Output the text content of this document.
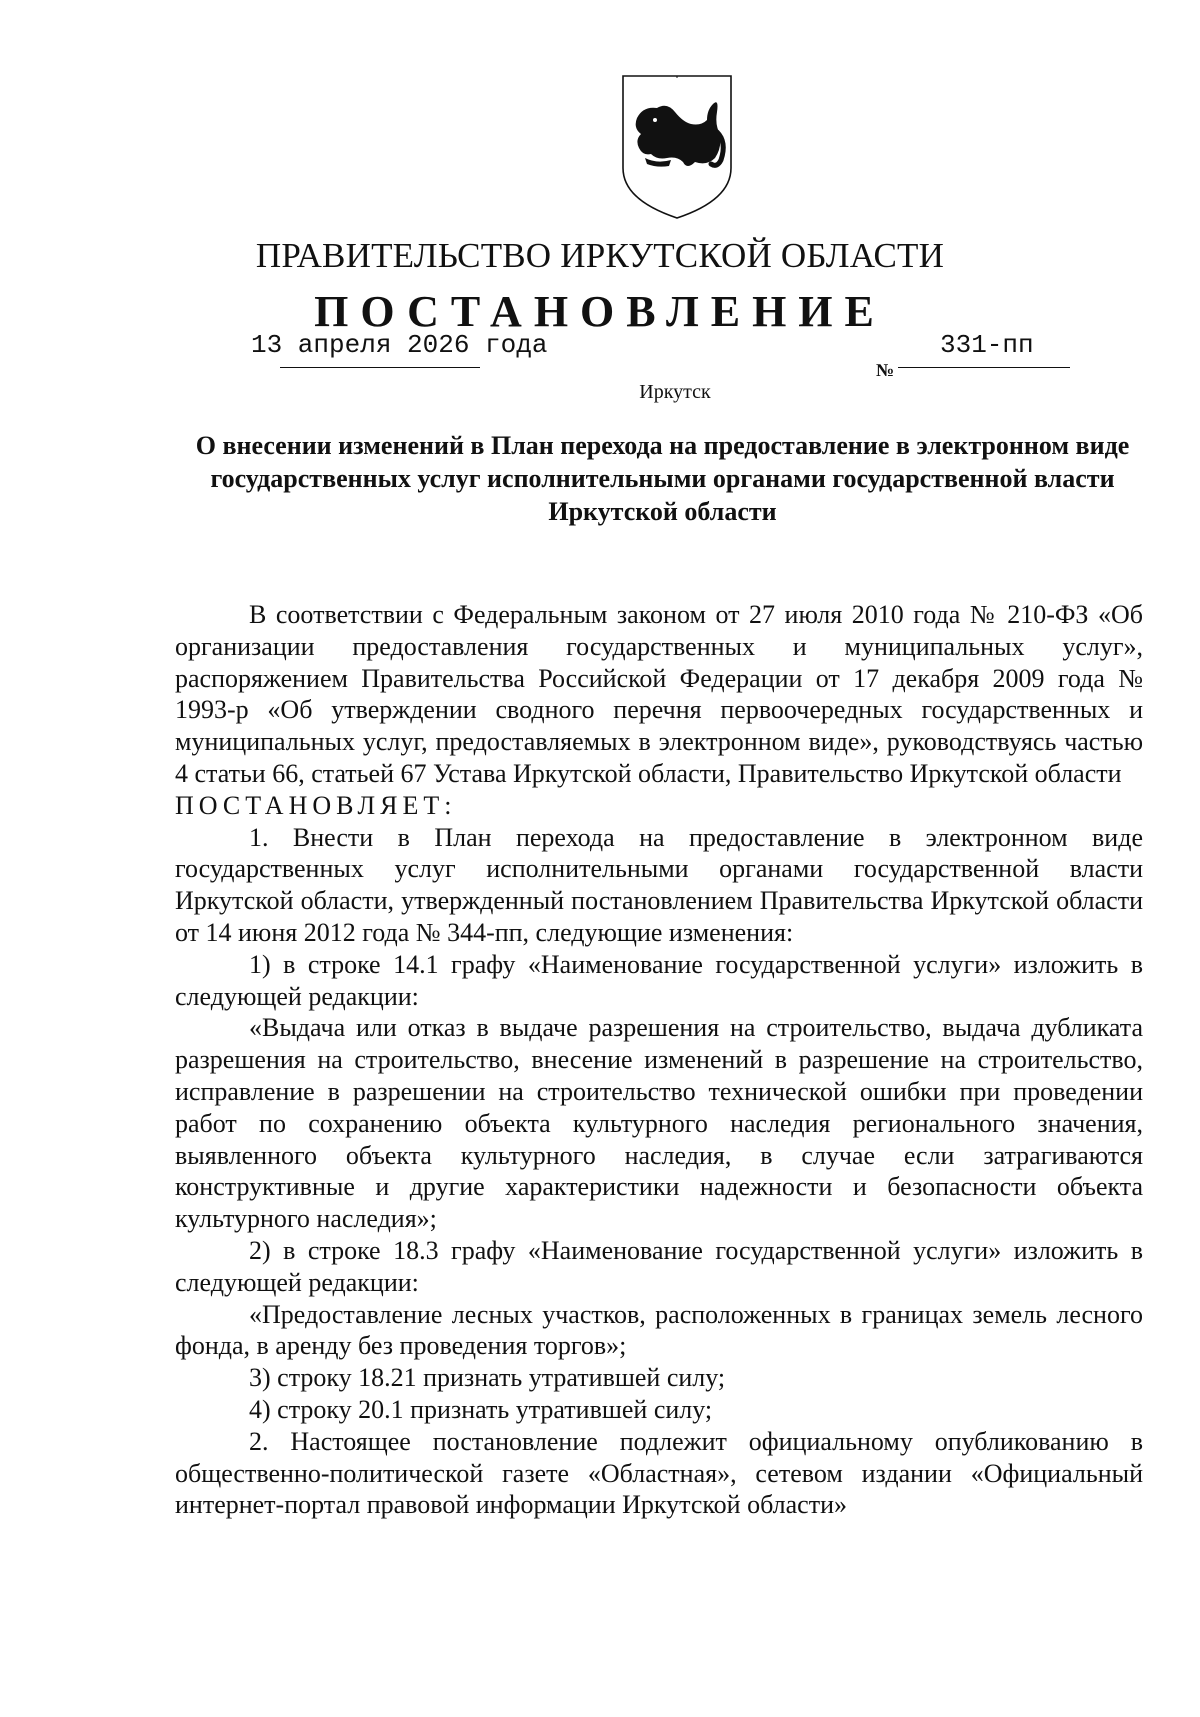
ПРАВИТЕЛЬСТВО ИРКУТСКОЙ ОБЛАСТИ
ПОСТАНОВЛЕНИЕ
13 апреля 2026 года
№
331-пп
Иркутск
О внесении изменений в План перехода на предоставление в электронном виде государственных услуг исполнительными органами государственной власти Иркутской области

В соответствии с Федеральным законом от 27 июля 2010 года № 210-ФЗ «Об организации предоставления государственных и муниципальных услуг», распоряжением Правительства Российской Федерации от 17 декабря 2009 года № 1993-р «Об утверждении сводного перечня первоочередных государственных и муниципальных услуг, предоставляемых в электронном виде», руководствуясь частью 4 статьи 66, статьей 67 Устава Иркутской области, Правительство Иркутской области

ПОСТАНОВЛЯЕТ:

1. Внести в План перехода на предоставление в электронном виде государственных услуг исполнительными органами государственной власти Иркутской области, утвержденный постановлением Правительства Иркутской области от 14 июня 2012 года № 344-пп, следующие изменения:

1) в строке 14.1 графу «Наименование государственной услуги» изложить в следующей редакции:

«Выдача или отказ в выдаче разрешения на строительство, выдача дубликата разрешения на строительство, внесение изменений в разрешение на строительство, исправление в разрешении на строительство технической ошибки при проведении работ по сохранению объекта культурного наследия регионального значения, выявленного объекта культурного наследия, в случае если затрагиваются конструктивные и другие характеристики надежности и безопасности объекта культурного наследия»;

2) в строке 18.3 графу «Наименование государственной услуги» изложить в следующей редакции:

«Предоставление лесных участков, расположенных в границах земель лесного фонда, в аренду без проведения торгов»;

3) строку 18.21 признать утратившей силу;

4) строку 20.1 признать утратившей силу;

2. Настоящее постановление подлежит официальному опубликованию в общественно-политической газете «Областная», сетевом издании «Официальный интернет-портал правовой информации Иркутской области»
